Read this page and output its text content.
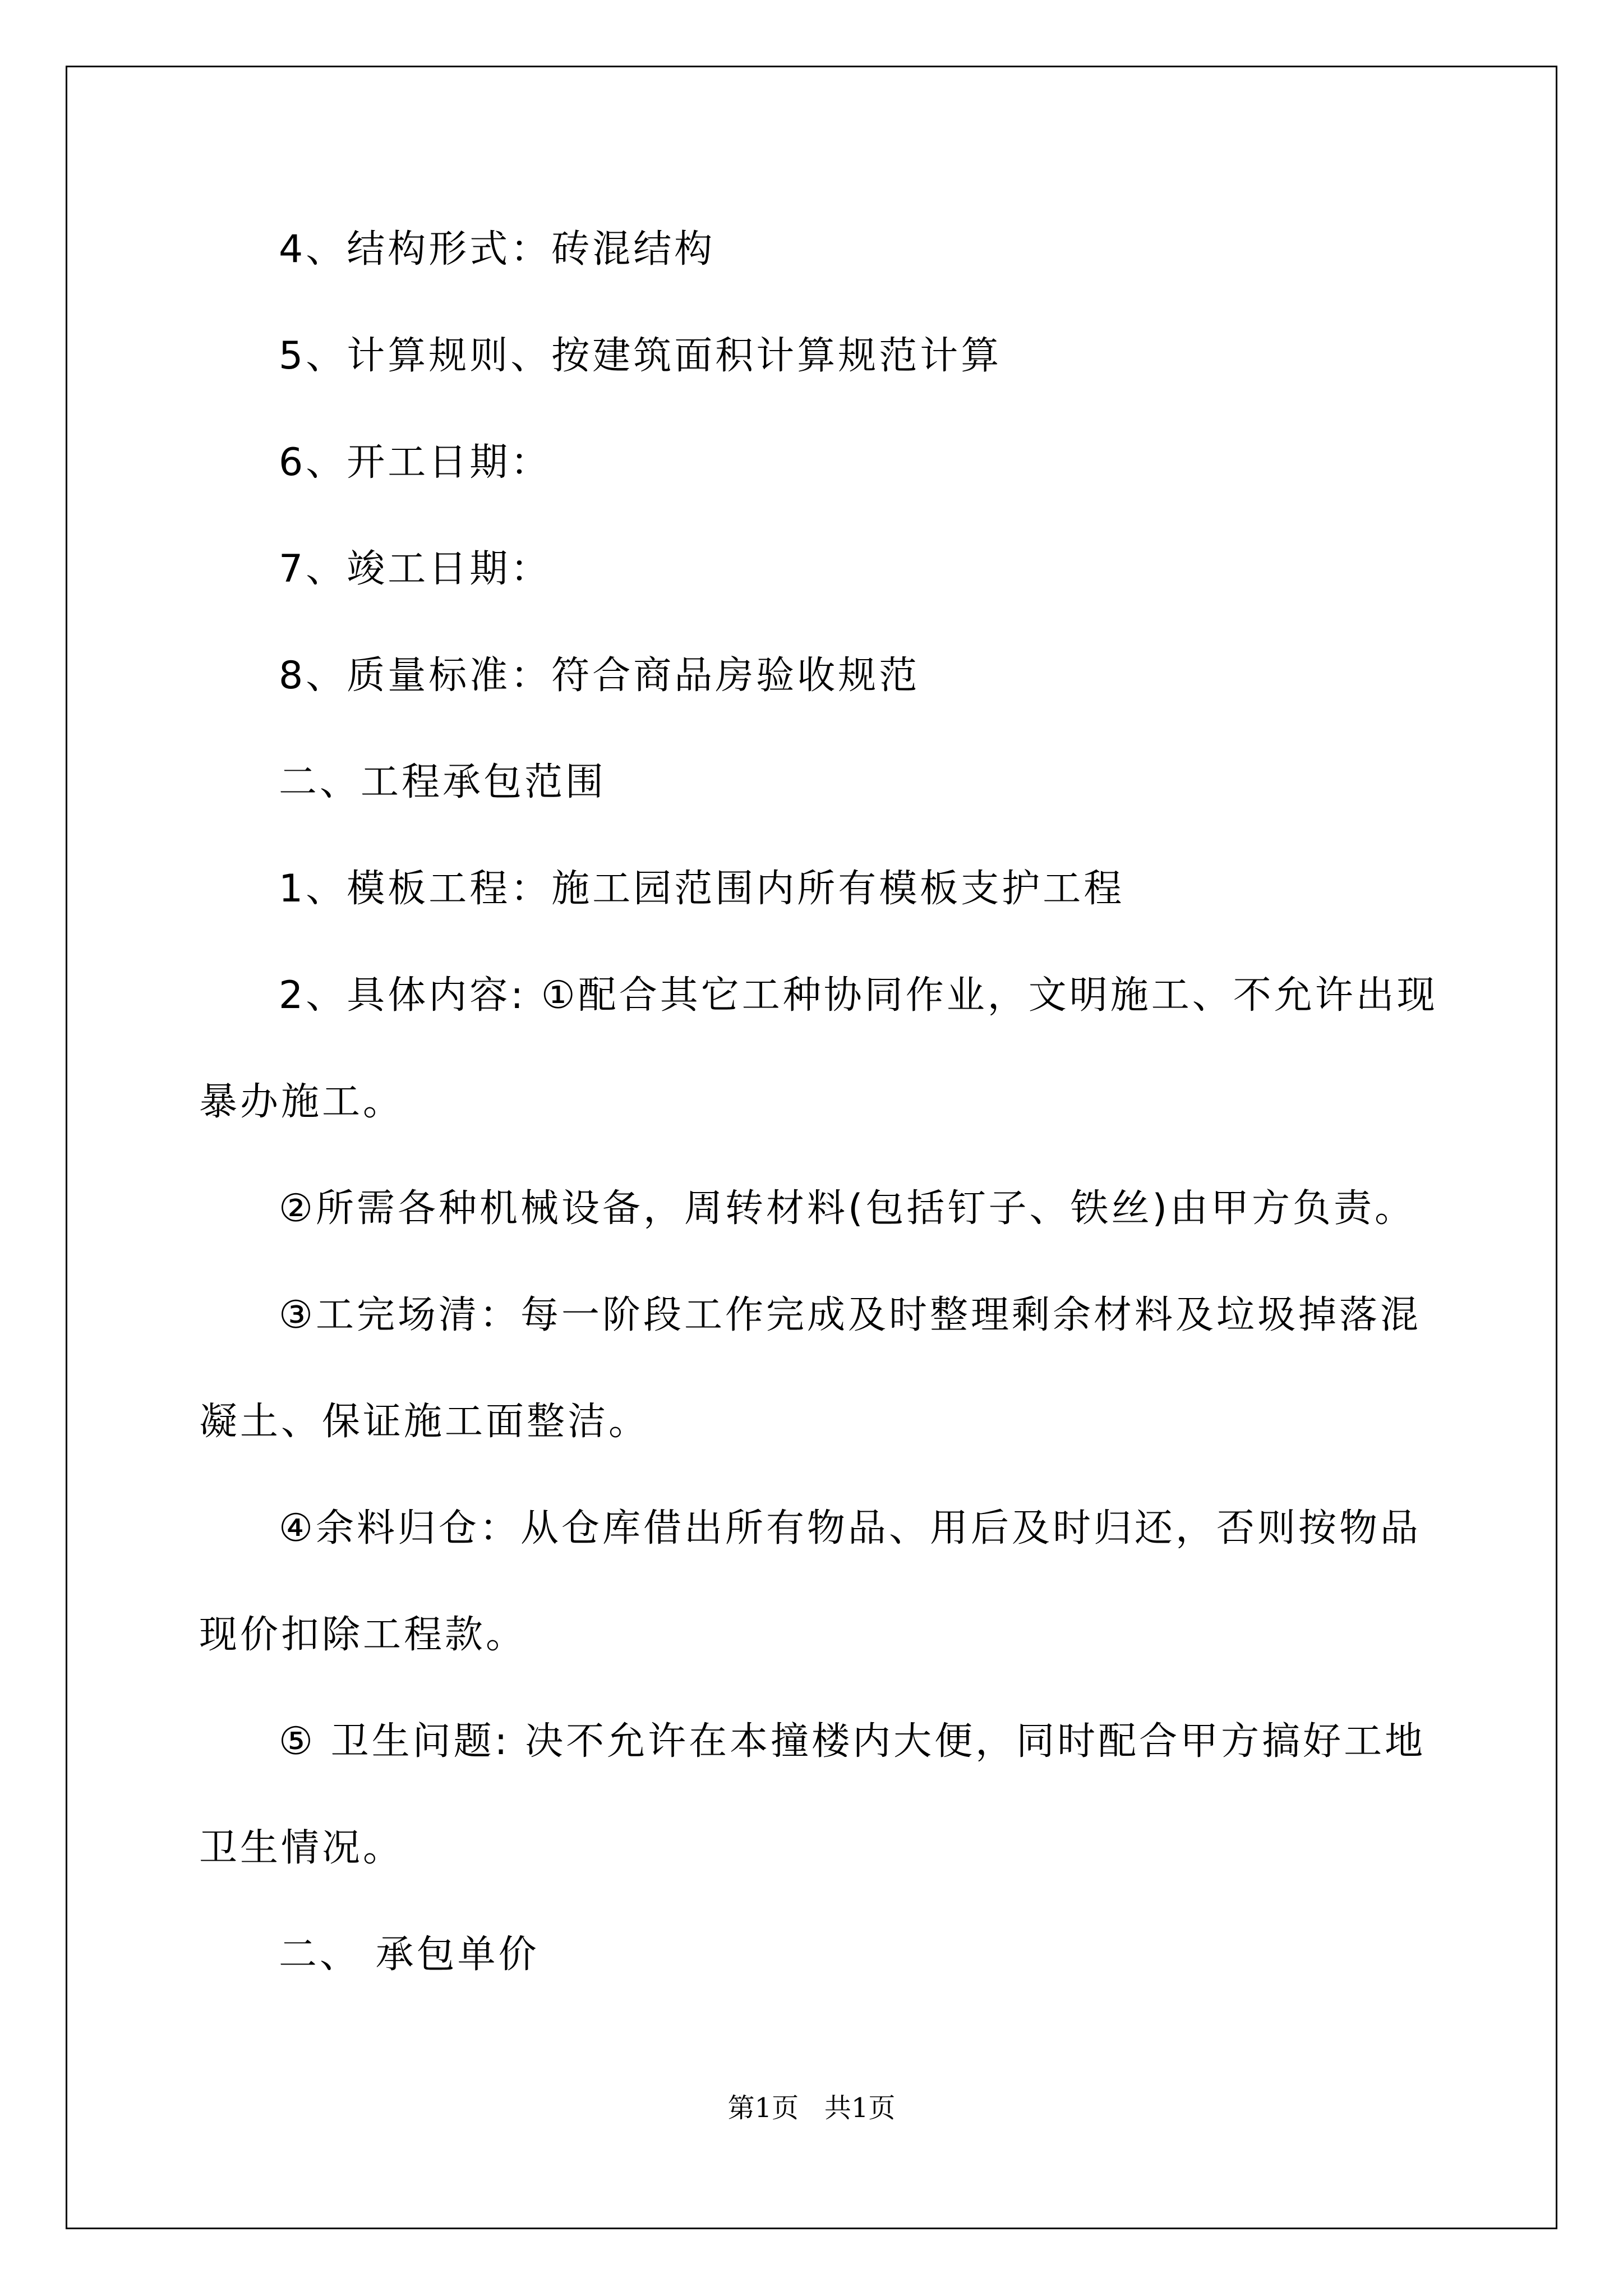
4、结构形式：砖混结构
5、计算规则、按建筑面积计算规范计算
6、开工日期：
7、竣工日期：
8、质量标准：符合商品房验收规范
二、工程承包范围
1、模板工程：施工园范围内所有模板支护工程
2、具体内容: ①配合其它工种协同作业，文明施工、不允许出现
暴办施工。
②所需各种机械设备，周转材料(包括钉子、铁丝)由甲方负责。
③工完场清：每一阶段工作完成及时整理剩余材料及垃圾掉落混
凝土、保证施工面整洁。
④余料归仓：从仓库借出所有物品、用后及时归还，否则按物品
现价扣除工程款。
⑤ 卫生问题: 决不允许在本撞楼内大便，同时配合甲方搞好工地
卫生情况。
二、 承包单价
第1页   共1页
